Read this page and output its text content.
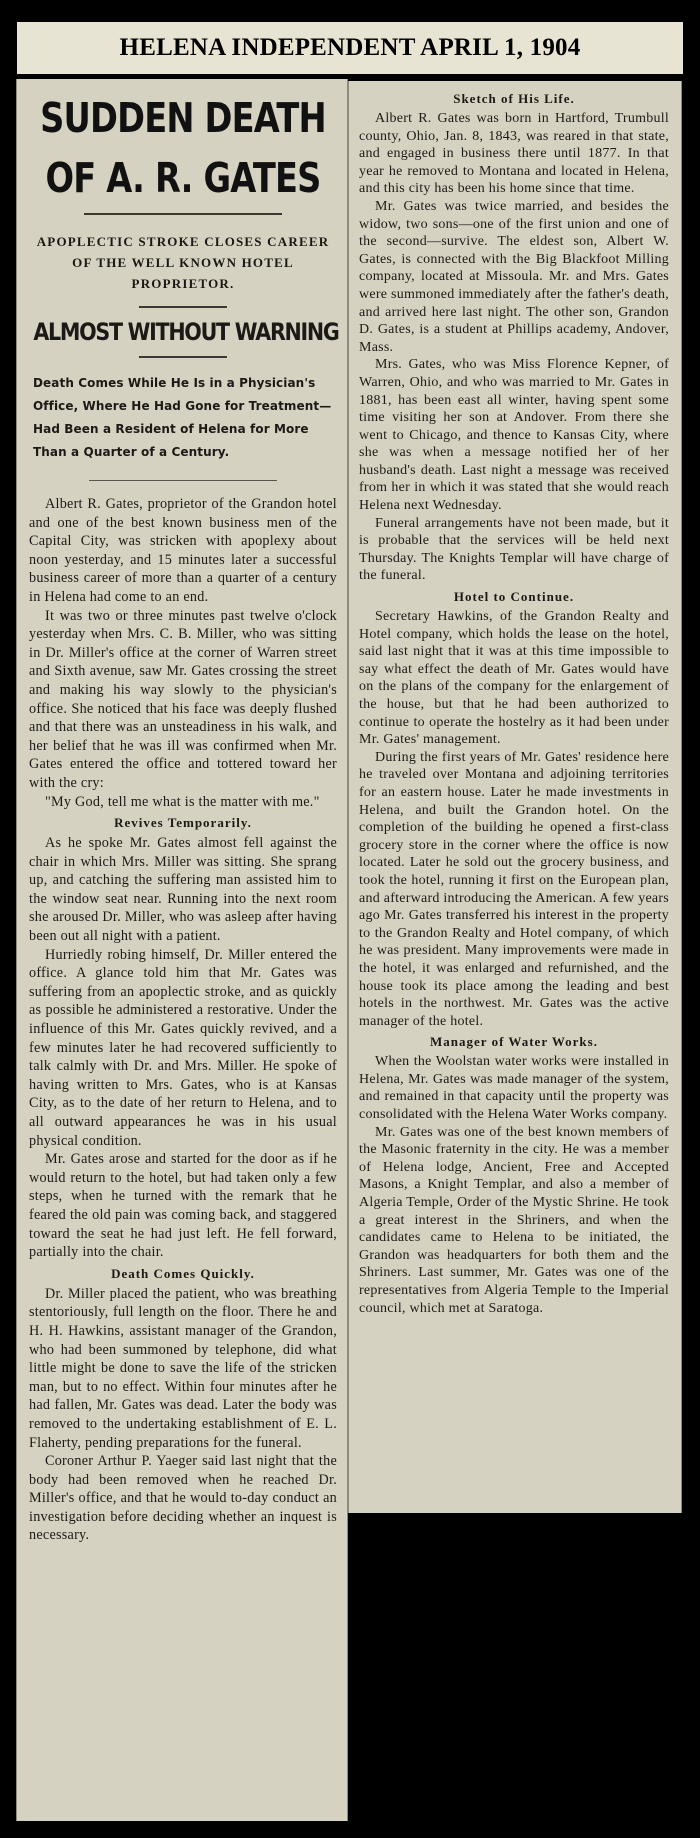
HELENA INDEPENDENT APRIL 1, 1904
SUDDEN DEATH
OF A. R. GATES
APOPLECTIC STROKE CLOSES CAREER OF THE WELL KNOWN HOTEL PROPRIETOR.
ALMOST WITHOUT WARNING
Death Comes While He Is in a Physician's Office, Where He Had Gone for Treatment—Had Been a Resident of Helena for More Than a Quarter of a Century.

Albert R. Gates, proprietor of the Grandon hotel and one of the best known business men of the Capital City, was stricken with apoplexy about noon yesterday, and 15 minutes later a successful business career of more than a quarter of a century in Helena had come to an end.

It was two or three minutes past twelve o'clock yesterday when Mrs. C. B. Miller, who was sitting in Dr. Miller's office at the corner of Warren street and Sixth avenue, saw Mr. Gates crossing the street and making his way slowly to the physician's office. She noticed that his face was deeply flushed and that there was an unsteadiness in his walk, and her belief that he was ill was confirmed when Mr. Gates entered the office and tottered toward her with the cry:

"My God, tell me what is the matter with me."

Revives Temporarily.

As he spoke Mr. Gates almost fell against the chair in which Mrs. Miller was sitting. She sprang up, and catching the suffering man assisted him to the window seat near. Running into the next room she aroused Dr. Miller, who was asleep after having been out all night with a patient.

Hurriedly robing himself, Dr. Miller entered the office. A glance told him that Mr. Gates was suffering from an apoplectic stroke, and as quickly as possible he administered a restorative. Under the influence of this Mr. Gates quickly revived, and a few minutes later he had recovered sufficiently to talk calmly with Dr. and Mrs. Miller. He spoke of having written to Mrs. Gates, who is at Kansas City, as to the date of her return to Helena, and to all outward appearances he was in his usual physical condition.

Mr. Gates arose and started for the door as if he would return to the hotel, but had taken only a few steps, when he turned with the remark that he feared the old pain was coming back, and staggered toward the seat he had just left. He fell forward, partially into the chair.

Death Comes Quickly.

Dr. Miller placed the patient, who was breathing stentoriously, full length on the floor. There he and H. H. Hawkins, assistant manager of the Grandon, who had been summoned by telephone, did what little might be done to save the life of the stricken man, but to no effect. Within four minutes after he had fallen, Mr. Gates was dead. Later the body was removed to the undertaking establishment of E. L. Flaherty, pending preparations for the funeral.

Coroner Arthur P. Yaeger said last night that the body had been removed when he reached Dr. Miller's office, and that he would to-day conduct an investigation before deciding whether an inquest is necessary.

Sketch of His Life.

Albert R. Gates was born in Hartford, Trumbull county, Ohio, Jan. 8, 1843, was reared in that state, and engaged in business there until 1877. In that year he removed to Montana and located in Helena, and this city has been his home since that time.

Mr. Gates was twice married, and besides the widow, two sons—one of the first union and one of the second—survive. The eldest son, Albert W. Gates, is connected with the Big Blackfoot Milling company, located at Missoula. Mr. and Mrs. Gates were summoned immediately after the father's death, and arrived here last night. The other son, Grandon D. Gates, is a student at Phillips academy, Andover, Mass.

Mrs. Gates, who was Miss Florence Kepner, of Warren, Ohio, and who was married to Mr. Gates in 1881, has been east all winter, having spent some time visiting her son at Andover. From there she went to Chicago, and thence to Kansas City, where she was when a message notified her of her husband's death. Last night a message was received from her in which it was stated that she would reach Helena next Wednesday.

Funeral arrangements have not been made, but it is probable that the services will be held next Thursday. The Knights Templar will have charge of the funeral.

Hotel to Continue.

Secretary Hawkins, of the Grandon Realty and Hotel company, which holds the lease on the hotel, said last night that it was at this time impossible to say what effect the death of Mr. Gates would have on the plans of the company for the enlargement of the house, but that he had been authorized to continue to operate the hostelry as it had been under Mr. Gates' management.

During the first years of Mr. Gates' residence here he traveled over Montana and adjoining territories for an eastern house. Later he made investments in Helena, and built the Grandon hotel. On the completion of the building he opened a first-class grocery store in the corner where the office is now located. Later he sold out the grocery business, and took the hotel, running it first on the European plan, and afterward introducing the American. A few years ago Mr. Gates transferred his interest in the property to the Grandon Realty and Hotel company, of which he was president. Many improvements were made in the hotel, it was enlarged and refurnished, and the house took its place among the leading and best hotels in the northwest. Mr. Gates was the active manager of the hotel.

Manager of Water Works.

When the Woolstan water works were installed in Helena, Mr. Gates was made manager of the system, and remained in that capacity until the property was consolidated with the Helena Water Works company.

Mr. Gates was one of the best known members of the Masonic fraternity in the city. He was a member of Helena lodge, Ancient, Free and Accepted Masons, a Knight Templar, and also a member of Algeria Temple, Order of the Mystic Shrine. He took a great interest in the Shriners, and when the candidates came to Helena to be initiated, the Grandon was headquarters for both them and the Shriners. Last summer, Mr. Gates was one of the representatives from Algeria Temple to the Imperial council, which met at Saratoga.
